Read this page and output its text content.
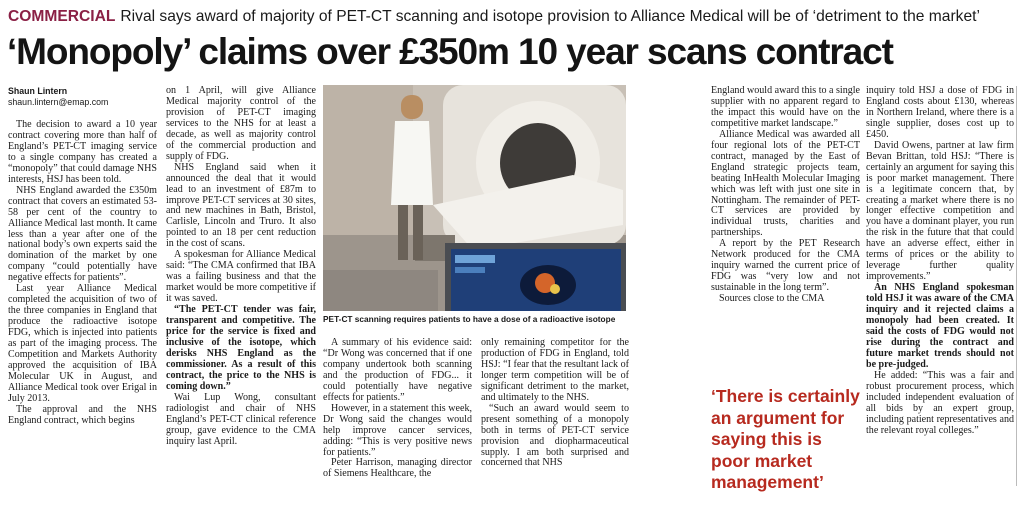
COMMERCIAL Rival says award of majority of PET-CT scanning and isotope provision to Alliance Medical will be of ‘detriment to the market’
‘Monopoly’ claims over £350m 10 year scans contract
Shaun Lintern
shaun.lintern@emap.com

The decision to award a 10 year contract covering more than half of England’s PET-CT imaging service to a single company has created a “monopoly” that could damage NHS interests, HSJ has been told.

NHS England awarded the £350m contract that covers an estimated 53-58 per cent of the country to Alliance Medical last month. It came less than a year after one of the national body’s own experts said the domination of the market by one company “could potentially have negative effects for patients”.

Last year Alliance Medical completed the acquisition of two of the three companies in England that produce the radioactive isotope FDG, which is injected into patients as part of the imaging process. The Competition and Markets Authority approved the acquisition of IBA Molecular UK in August, and Alliance Medical took over Erigal in July 2013.

The approval and the NHS England contract, which begins

on 1 April, will give Alliance Medical majority control of the provision of PET-CT imaging services to the NHS for at least a decade, as well as majority control of the commercial production and supply of FDG.

NHS England said when it announced the deal that it would lead to an investment of £87m to improve PET-CT services at 30 sites, and new machines in Bath, Bristol, Carlisle, Lincoln and Truro. It also pointed to an 18 per cent reduction in the cost of scans.

A spokesman for Alliance Medical said: “The CMA confirmed that IBA was a failing business and that the market would be more competitive if it was saved.

“The PET-CT tender was fair, transparent and competitive. The price for the service is fixed and inclusive of the isotope, which derisks NHS England as the commissioner. As a result of this contract, the price to the NHS is coming down.”

Wai Lup Wong, consultant radiologist and chair of NHS England’s PET-CT clinical reference group, gave evidence to the CMA inquiry last April.

PET-CT scanning requires patients to have a dose of a radioactive isotope

A summary of his evidence said: “Dr Wong was concerned that if one company undertook both scanning and the production of FDG... it could potentially have negative effects for patients.”

However, in a statement this week, Dr Wong said the changes would help improve cancer services, adding: “This is very positive news for patients.”

Peter Harrison, managing director of Siemens Healthcare, the

only remaining competitor for the production of FDG in England, told HSJ: “I fear that the resultant lack of longer term competition will be of significant detriment to the market, and ultimately to the NHS.

“Such an award would seem to present something of a monopoly both in terms of PET-CT service provision and diopharmaceutical supply. I am both surprised and concerned that NHS

England would award this to a single supplier with no apparent regard to the impact this would have on the competitive market landscape.”

Alliance Medical was awarded all four regional lots of the PET-CT contract, managed by the East of England strategic projects team, beating InHealth Molecular Imaging which was left with just one site in Nottingham. The remainder of PET-CT services are provided by individual trusts, charities and partnerships.

A report by the PET Research Network produced for the CMA inquiry warned the current price of FDG was “very low and not sustainable in the long term”.

Sources close to the CMA

‘There is certainly an argument for saying this is poor market management’

inquiry told HSJ a dose of FDG in England costs about £130, whereas in Northern Ireland, where there is a single supplier, doses cost up to £450.

David Owens, partner at law firm Bevan Brittan, told HSJ: “There is certainly an argument for saying this is poor market management. There is a legitimate concern that, by creating a market where there is no longer effective competition and you have a dominant player, you run the risk in the future that that could have an adverse effect, either in terms of prices or the ability to leverage further quality improvements.”

An NHS England spokesman told HSJ it was aware of the CMA inquiry and it rejected claims a monopoly had been created. It said the costs of FDG would not rise during the contract and future market trends should not be pre-judged.

He added: “This was a fair and robust procurement process, which included independent evaluation of all bids by an expert group, including patient representatives and the relevant royal colleges.”
